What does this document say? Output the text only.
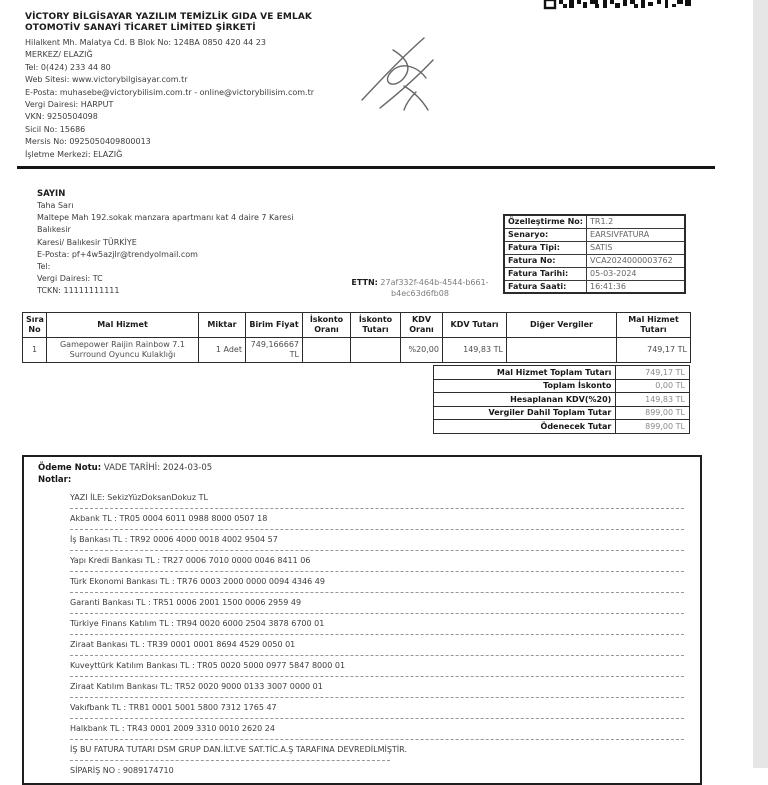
VİCTORY BİLGİSAYAR YAZILIM TEMİZLİK GIDA VE EMLAK
OTOMOTİV SANAYİ TİCARET LİMİTED ŞİRKETİ
Hilalkent Mh. Malatya Cd. B Blok No: 124BA 0850 420 44 23
MERKEZ/ ELAZIĞ
Tel: 0(424) 233 44 80
Web Sitesi: www.victorybilgisayar.com.tr
E-Posta: muhasebe@victorybilisim.com.tr - online@victorybilisim.com.tr
Vergi Dairesi: HARPUT
VKN: 9250504098
Sicil No: 15686
Mersis No: 0925050409800013
İşletme Merkezi: ELAZIĞ
SAYIN
Taha Sarı
Maltepe Mah 192.sokak manzara apartmanı kat 4 daire 7 Karesi
Balıkesir
Karesi/ Balıkesir TÜRKİYE
E-Posta: pf+4w5azjlr@trendyolmail.com
Tel:
Vergi Dairesi: TC
TCKN: 11111111111
ETTN: 27af332f-464b-4544-b661-
b4ec63d6fb08
Özelleştirme No:	TR1.2
Senaryo:	EARSIVFATURA
Fatura Tipi:	SATIS
Fatura No:	VCA2024000003762
Fatura Tarihi:	05-03-2024
Fatura Saati:	16:41:36
Sıra No	Mal Hizmet	Miktar	Birim Fiyat	İskonto Oranı	İskonto Tutarı	KDV Oranı	KDV Tutarı	Diğer Vergiler	Mal Hizmet Tutarı
1	Gamepower Raijin Rainbow 7.1 Surround Oyuncu Kulaklığı	1 Adet	749,166667 TL			%20,00	149,83 TL		749,17 TL
Mal Hizmet Toplam Tutarı	749,17 TL
Toplam İskonto	0,00 TL
Hesaplanan KDV(%20)	149,83 TL
Vergiler Dahil Toplam Tutar	899,00 TL
Ödenecek Tutar	899,00 TL
Ödeme Notu: VADE TARİHİ: 2024-03-05
Notlar:
YAZI İLE: SekizYüzDoksanDokuz TL
Akbank TL : TR05 0004 6011 0988 8000 0507 18
İş Bankası TL : TR92 0006 4000 0018 4002 9504 57
Yapı Kredi Bankası TL : TR27 0006 7010 0000 0046 8411 06
Türk Ekonomi Bankası TL : TR76 0003 2000 0000 0094 4346 49
Garanti Bankası TL : TR51 0006 2001 1500 0006 2959 49
Türkiye Finans Katılım TL : TR94 0020 6000 2504 3878 6700 01
Ziraat Bankası TL : TR39 0001 0001 8694 4529 0050 01
Kuveyttürk Katılım Bankası TL : TR05 0020 5000 0977 5847 8000 01
Ziraat Katılım Bankası TL: TR52 0020 9000 0133 3007 0000 01
Vakıfbank TL : TR81 0001 5001 5800 7312 1765 47
Halkbank TL : TR43 0001 2009 3310 0010 2620 24
İŞ BU FATURA TUTARI DSM GRUP DAN.İLT.VE SAT.TİC.A.Ş TARAFINA DEVREDİLMİŞTİR.
SİPARİŞ NO : 9089174710
